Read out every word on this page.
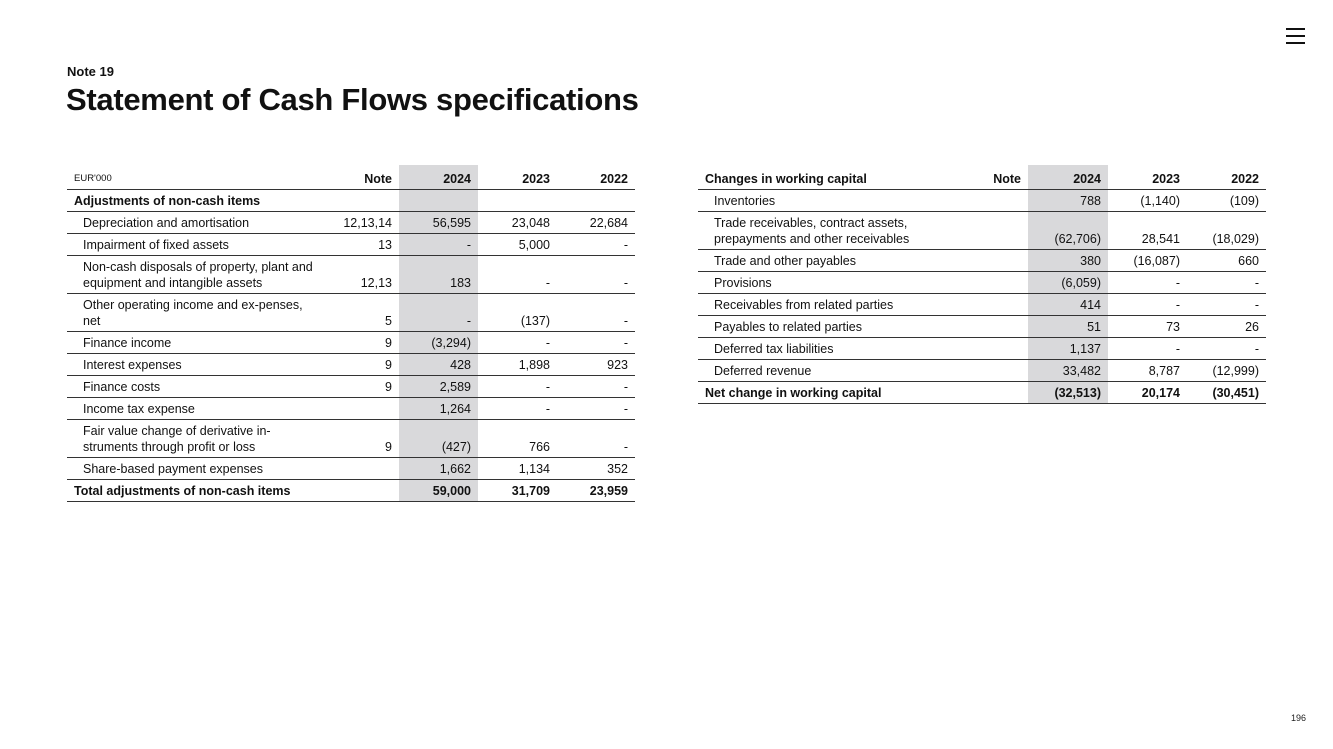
Note 19
Statement of Cash Flows specifications
EUR'000	Note	2024	2023	2022
Adjustments of non-cash items				
Depreciation and amortisation	12,13,14	56,595	23,048	22,684
Impairment of fixed assets	13	-	5,000	-
Non-cash disposals of property, plant and equipment and intangible assets	12,13	183	-	-
Other operating income and ex-penses, net	5	-	(137)	-
Finance income	9	(3,294)	-	-
Interest expenses	9	428	1,898	923
Finance costs	9	2,589	-	-
Income tax expense		1,264	-	-
Fair value change of derivative in-struments through profit or loss	9	(427)	766	-
Share-based payment expenses		1,662	1,134	352
Total adjustments of non-cash items		59,000	31,709	23,959
Changes in working capital	Note	2024	2023	2022
Inventories		788	(1,140)	(109)
Trade receivables, contract assets, prepayments and other receivables		(62,706)	28,541	(18,029)
Trade and other payables		380	(16,087)	660
Provisions		(6,059)	-	-
Receivables from related parties		414	-	-
Payables to related parties		51	73	26
Deferred tax liabilities		1,137	-	-
Deferred revenue		33,482	8,787	(12,999)
Net change in working capital		(32,513)	20,174	(30,451)
196
